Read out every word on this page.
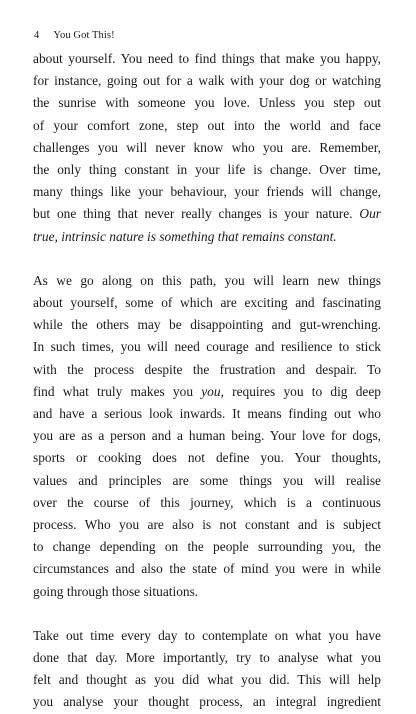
4 You Got This!
about yourself. You need to find things that make you happy,
for instance, going out for a walk with your dog or watching
the sunrise with someone you love. Unless you step out
of your comfort zone, step out into the world and face
challenges you will never know who you are. Remember,
the only thing constant in your life is change. Over time,
many things like your behaviour, your friends will change,
but one thing that never really changes is your nature. Our
true, intrinsic nature is something that remains constant.
As we go along on this path, you will learn new things
about yourself, some of which are exciting and fascinating
while the others may be disappointing and gut-wrenching.
In such times, you will need courage and resilience to stick
with the process despite the frustration and despair. To
find what truly makes you you, requires you to dig deep
and have a serious look inwards. It means finding out who
you are as a person and a human being. Your love for dogs,
sports or cooking does not define you. Your thoughts,
values and principles are some things you will realise
over the course of this journey, which is a continuous
process. Who you are also is not constant and is subject
to change depending on the people surrounding you, the
circumstances and also the state of mind you were in while
going through those situations.
Take out time every day to contemplate on what you have
done that day. More importantly, try to analyse what you
felt and thought as you did what you did. This will help
you analyse your thought process, an integral ingredient
